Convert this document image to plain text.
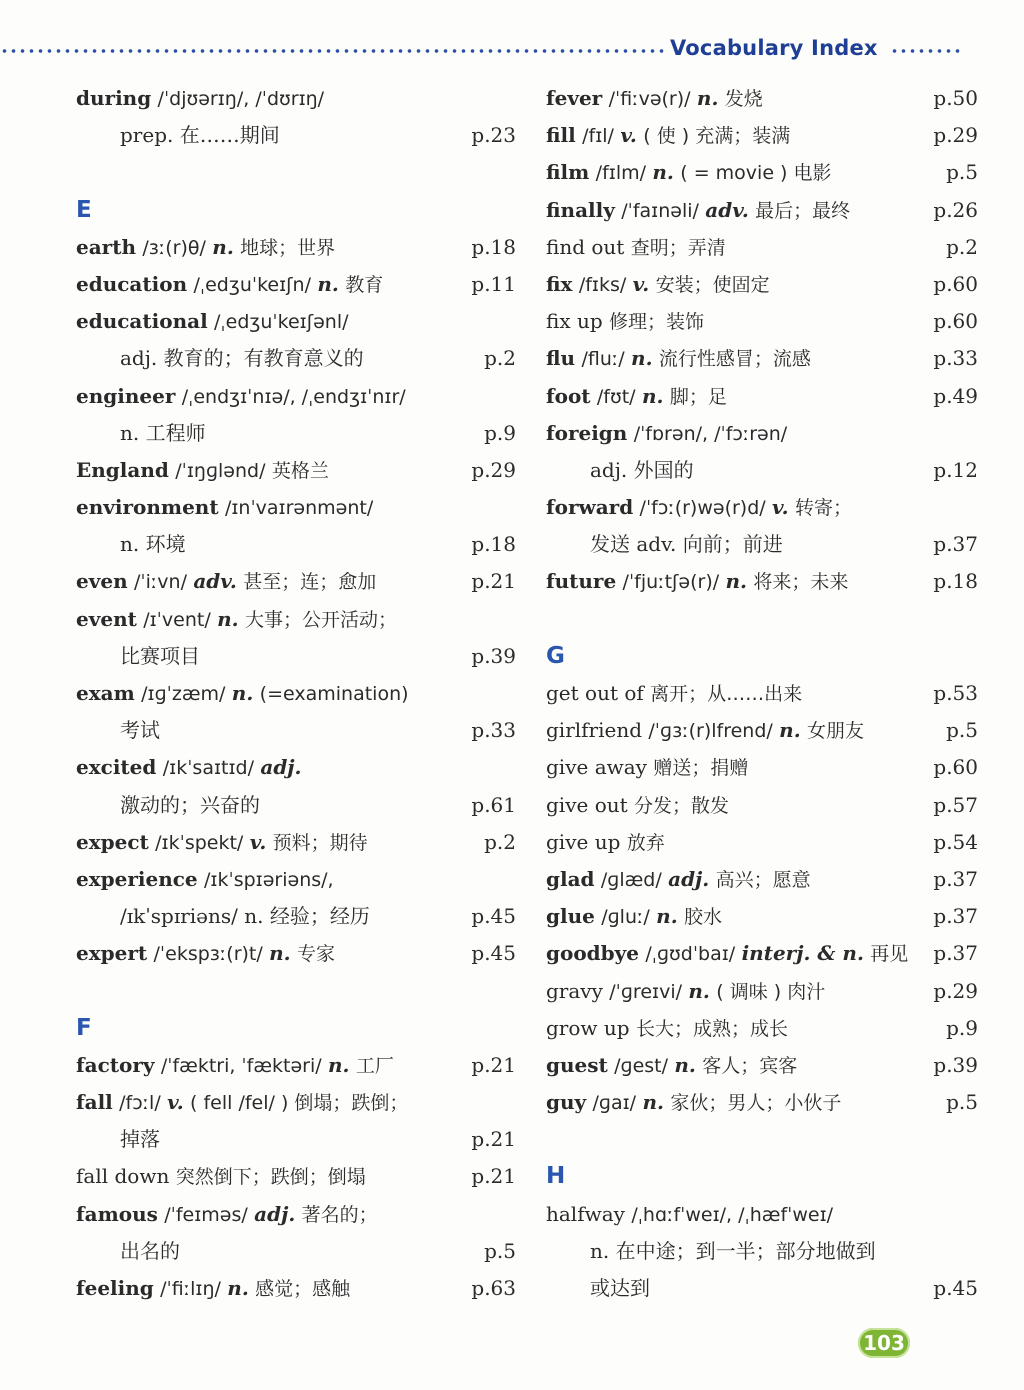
Vocabulary Index
during /ˈdjʊərɪŋ/, /ˈdʊrɪŋ/
prep. 在……期间	p.23
E
earth /ɜː(r)θ/ n. 地球；世界	p.18
education /ˌedʒuˈkeɪʃn/ n. 教育	p.11
educational /ˌedʒuˈkeɪʃənl/
adj. 教育的；有教育意义的	p.2
engineer /ˌendʒɪˈnɪə/, /ˌendʒɪˈnɪr/
n. 工程师	p.9
England /ˈɪŋɡlənd/ 英格兰	p.29
environment /ɪnˈvaɪrənmənt/
n. 环境	p.18
even /ˈiːvn/ adv. 甚至；连；愈加	p.21
event /ɪˈvent/ n. 大事；公开活动；
比赛项目	p.39
exam /ɪɡˈzæm/ n. (=examination)
考试	p.33
excited /ɪkˈsaɪtɪd/ adj.
激动的；兴奋的	p.61
expect /ɪkˈspekt/ v. 预料；期待	p.2
experience /ɪkˈspɪəriəns/,
/ɪkˈspɪriəns/ n. 经验；经历	p.45
expert /ˈekspɜː(r)t/ n. 专家	p.45
F
factory /ˈfæktri, ˈfæktəri/ n. 工厂	p.21
fall /fɔːl/ v. ( fell /fel/ ) 倒塌；跌倒；
掉落	p.21
fall down 突然倒下；跌倒；倒塌	p.21
famous /ˈfeɪməs/ adj. 著名的；
出名的	p.5
feeling /ˈfiːlɪŋ/ n. 感觉；感触	p.63
fever /ˈfiːvə(r)/ n. 发烧	p.50
fill /fɪl/ v. ( 使 ) 充满；装满	p.29
film /fɪlm/ n. ( = movie ) 电影	p.5
finally /ˈfaɪnəli/ adv. 最后；最终	p.26
find out 查明；弄清	p.2
fix /fɪks/ v. 安装；使固定	p.60
fix up 修理；装饰	p.60
flu /fluː/ n. 流行性感冒；流感	p.33
foot /fʊt/ n. 脚；足	p.49
foreign /ˈfɒrən/, /ˈfɔːrən/
adj. 外国的	p.12
forward /ˈfɔː(r)wə(r)d/ v. 转寄；
发送 adv. 向前；前进	p.37
future /ˈfjuːtʃə(r)/ n. 将来；未来	p.18
G
get out of 离开；从……出来	p.53
girlfriend /ˈɡɜː(r)lfrend/ n. 女朋友	p.5
give away 赠送；捐赠	p.60
give out 分发；散发	p.57
give up 放弃	p.54
glad /ɡlæd/ adj. 高兴；愿意	p.37
glue /ɡluː/ n. 胶水	p.37
goodbye /ˌɡʊdˈbaɪ/ interj. & n. 再见	p.37
gravy /ˈɡreɪvi/ n. ( 调味 ) 肉汁	p.29
grow up 长大；成熟；成长	p.9
guest /ɡest/ n. 客人；宾客	p.39
guy /ɡaɪ/ n. 家伙；男人；小伙子	p.5
H
halfway /ˌhɑːfˈweɪ/, /ˌhæfˈweɪ/
n. 在中途；到一半；部分地做到
或达到	p.45
103
